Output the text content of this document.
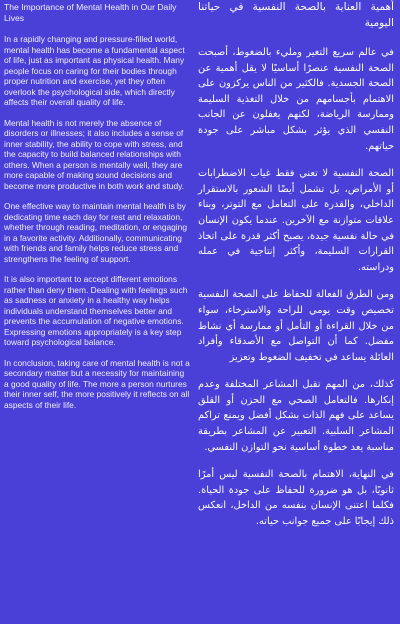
The Importance of Mental Health in Our Daily Lives

In a rapidly changing and pressure-filled world, mental health has become a fundamental aspect of life, just as important as physical health. Many people focus on caring for their bodies through proper nutrition and exercise, yet they often overlook the psychological side, which directly affects their overall quality of life.

Mental health is not merely the absence of disorders or illnesses; it also includes a sense of inner stability, the ability to cope with stress, and the capacity to build balanced relationships with others. When a person is mentally well, they are more capable of making sound decisions and become more productive in both work and study.

One effective way to maintain mental health is by dedicating time each day for rest and relaxation, whether through reading, meditation, or engaging in a favorite activity. Additionally, communicating with friends and family helps reduce stress and strengthens the feeling of support.

It is also important to accept different emotions rather than deny them. Dealing with feelings such as sadness or anxiety in a healthy way helps individuals understand themselves better and prevents the accumulation of negative emotions. Expressing emotions appropriately is a key step toward psychological balance.

In conclusion, taking care of mental health is not a secondary matter but a necessity for maintaining a good quality of life. The more a person nurtures their inner self, the more positively it reflects on all aspects of their life.

أهمية العناية بالصحة النفسية في حياتنا اليومية

في عالم سريع التغير ومليء بالضغوط، أصبحت الصحة النفسية عنصرًا أساسيًا لا يقل أهمية عن الصحة الجسدية. فالكثير من الناس يركزون على الاهتمام بأجسامهم من خلال التغذية السليمة وممارسة الرياضة، لكنهم يغفلون عن الجانب النفسي الذي يؤثر بشكل مباشر على جودة حياتهم.

الصحة النفسية لا تعني فقط غياب الاضطرابات أو الأمراض، بل تشمل أيضًا الشعور بالاستقرار الداخلي، والقدرة على التعامل مع التوتر، وبناء علاقات متوازنة مع الآخرين. عندما يكون الإنسان في حالة نفسية جيدة، يصبح أكثر قدرة على اتخاذ القرارات السليمة، وأكثر إنتاجية في عمله ودراسته.

ومن الطرق الفعالة للحفاظ على الصحة النفسية تخصيص وقت يومي للراحة والاسترخاء، سواء من خلال القراءة أو التأمل أو ممارسة أي نشاط مفضل. كما أن التواصل مع الأصدقاء وأفراد العائلة يساعد في تخفيف الضغوط وتعزيز

كذلك، من المهم تقبل المشاعر المختلفة وعدم إنكارها. فالتعامل الصحي مع الحزن أو القلق يساعد على فهم الذات بشكل أفضل ويمنع تراكم المشاعر السلبية. التعبير عن المشاعر بطريقة مناسبة يعد خطوة أساسية نحو التوازن النفسي.

في النهاية، الاهتمام بالصحة النفسية ليس أمرًا ثانويًا، بل هو ضرورة للحفاظ على جودة الحياة. فكلما اعتنى الإنسان بنفسه من الداخل، انعكس ذلك إيجابًا على جميع جوانب حياته.
